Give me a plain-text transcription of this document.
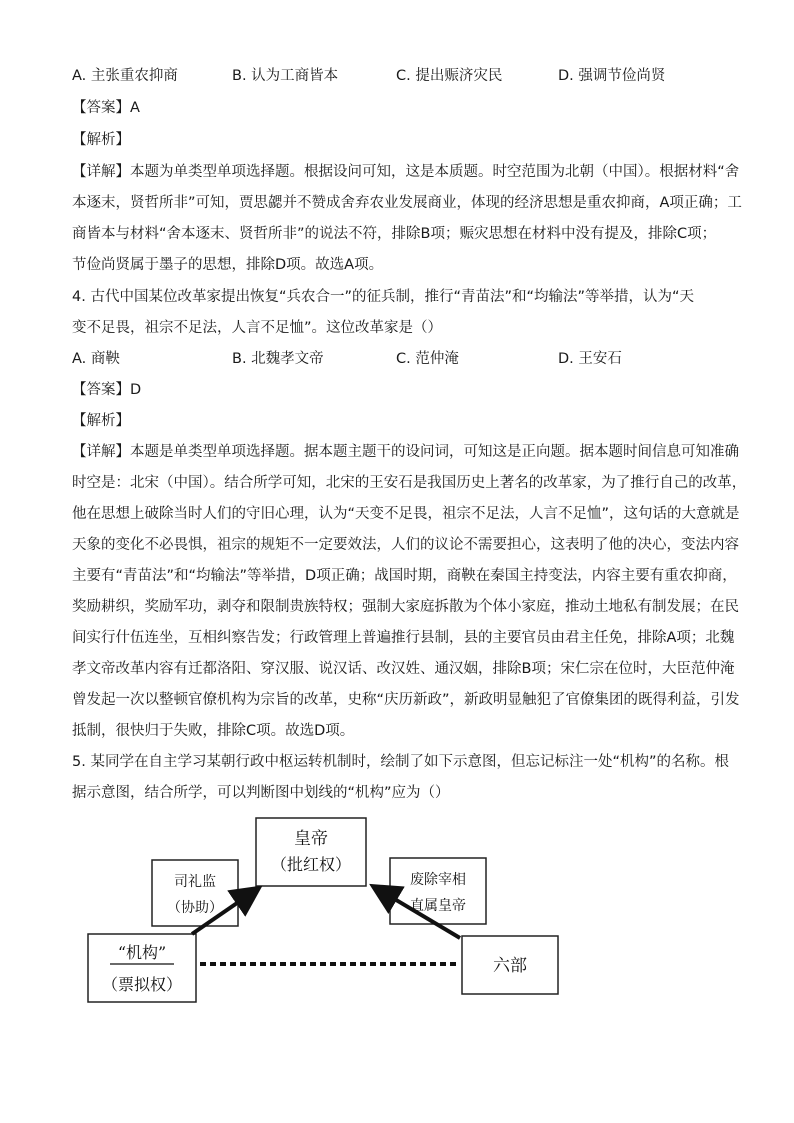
A. 主张重农抑商	B. 认为工商皆本	C. 提出赈济灾民	D. 强调节俭尚贤
【答案】A
【解析】
【详解】本题为单类型单项选择题。根据设问可知，这是本质题。时空范围为北朝（中国）。根据材料“舍
本逐末，贤哲所非”可知，贾思勰并不赞成舍弃农业发展商业，体现的经济思想是重农抑商，A项正确；工
商皆本与材料“舍本逐末、贤哲所非”的说法不符，排除B项；赈灾思想在材料中没有提及，排除C项；
节俭尚贤属于墨子的思想，排除D项。故选A项。
4. 古代中国某位改革家提出恢复“兵农合一”的征兵制，推行“青苗法”和“均输法”等举措，认为“天
变不足畏，祖宗不足法，人言不足恤”。这位改革家是（）
A. 商鞅	B. 北魏孝文帝	C. 范仲淹	D. 王安石
【答案】D
【解析】
【详解】本题是单类型单项选择题。据本题主题干的设问词，可知这是正向题。据本题时间信息可知准确
时空是：北宋（中国）。结合所学可知，北宋的王安石是我国历史上著名的改革家，为了推行自己的改革，
他在思想上破除当时人们的守旧心理，认为“天变不足畏，祖宗不足法，人言不足恤”，这句话的大意就是
天象的变化不必畏惧，祖宗的规矩不一定要效法，人们的议论不需要担心，这表明了他的决心，变法内容
主要有“青苗法”和“均输法”等举措，D项正确；战国时期，商鞅在秦国主持变法，内容主要有重农抑商，
奖励耕织，奖励军功，剥夺和限制贵族特权；强制大家庭拆散为个体小家庭，推动土地私有制发展；在民
间实行什伍连坐，互相纠察告发；行政管理上普遍推行县制，县的主要官员由君主任免，排除A项；北魏
孝文帝改革内容有迁都洛阳、穿汉服、说汉话、改汉姓、通汉姻，排除B项；宋仁宗在位时，大臣范仲淹
曾发起一次以整顿官僚机构为宗旨的改革，史称“庆历新政”，新政明显触犯了官僚集团的既得利益，引发
抵制，很快归于失败，排除C项。故选D项。
5. 某同学在自主学习某朝行政中枢运转机制时，绘制了如下示意图，但忘记标注一处“机构”的名称。根
据示意图，结合所学，可以判断图中划线的“机构”应为（）
皇帝
（批红权）
司礼监
（协助）
废除宰相
直属皇帝
“机构”
（票拟权）
六部
